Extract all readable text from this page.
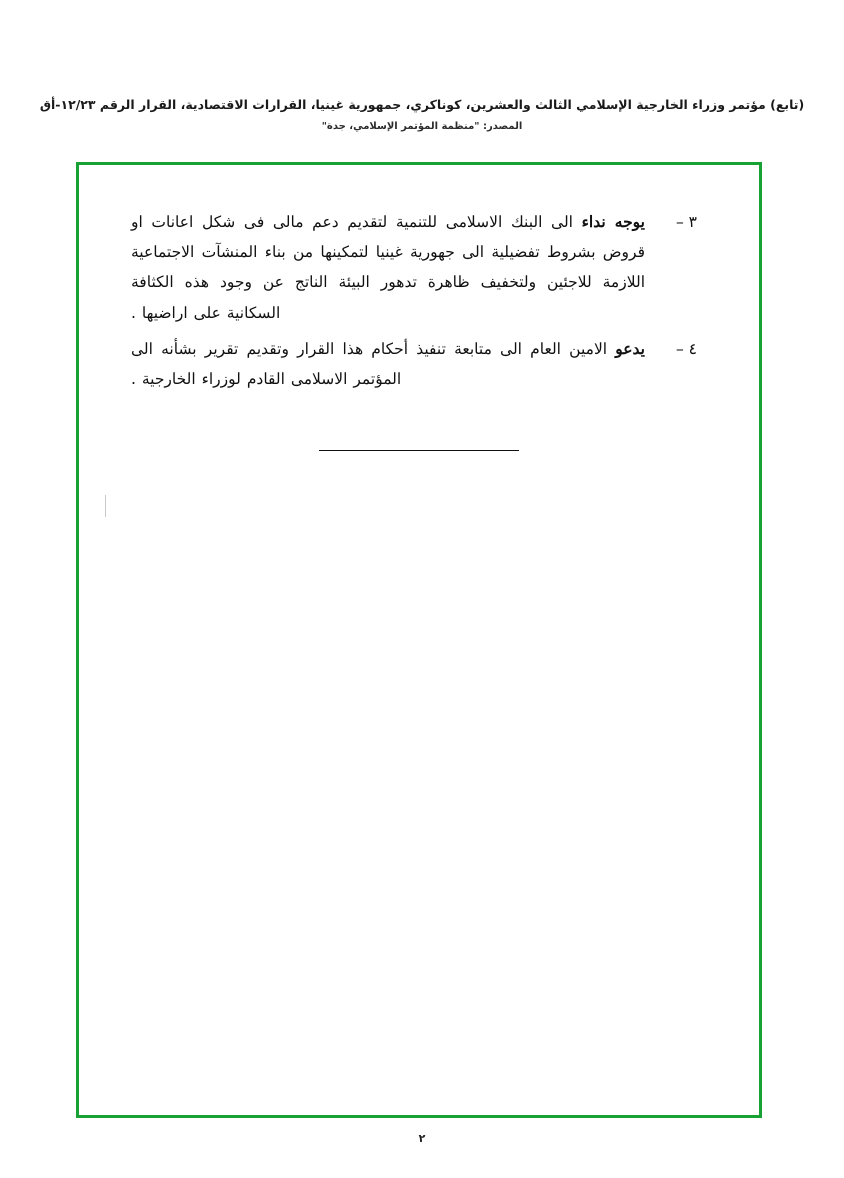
(تابع) مؤتمر وزراء الخارجية الإسلامي الثالث والعشرين، كوناكري، جمهورية غينيا، القرارات الاقتصادية، القرار الرقم ١٢/٢٣-أق
المصدر: "منظمة المؤتمر الإسلامي، جدة"
٣ –
يوجه نداء الى البنك الاسلامى للتنمية لتقديم دعم مالى فى شكل اعانات او قروض بشروط تفضيلية الى جهورية غينيا لتمكينها من بناء المنشآت الاجتماعية اللازمة للاجئين ولتخفيف ظاهرة تدهور البيئة الناتج عن وجود هذه الكثافة السكانية على اراضيها .
٤ –
يدعو الامين العام الى متابعة تنفيذ أحكام هذا القرار وتقديم تقرير بشأنه الى المؤتمر الاسلامى القادم لوزراء الخارجية .
٢
